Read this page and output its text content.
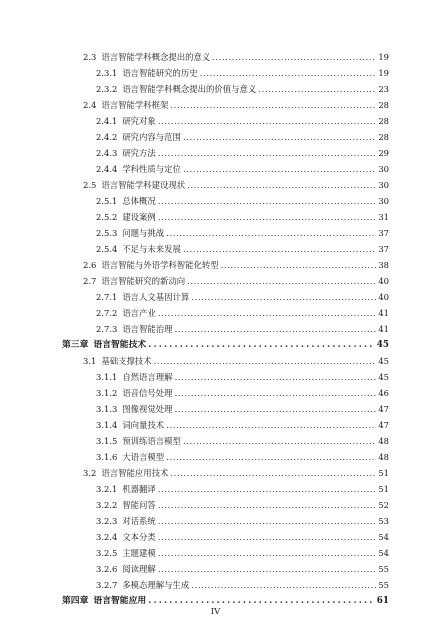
2.3 语言智能学科概念提出的意义 .....	19
2.3.1 语言智能研究的历史 .....	19
2.3.2 语言智能学科概念提出的价值与意义 .....	23
2.4 语言智能学科框架 .....	28
2.4.1 研究对象 .....	28
2.4.2 研究内容与范围 .....	28
2.4.3 研究方法 .....	29
2.4.4 学科性质与定位 .....	30
2.5 语言智能学科建设现状 .....	30
2.5.1 总体概况 .....	30
2.5.2 建设案例 .....	31
2.5.3 问题与挑战 .....	37
2.5.4 不足与未来发展 .....	37
2.6 语言智能与外语学科智能化转型 .....	38
2.7 语言智能研究的新动向 .....	40
2.7.1 语言人文基因计算 .....	40
2.7.2 语言产业 .....	41
2.7.3 语言智能治理 .....	41
第三章 语言智能技术 .....	45
3.1 基础支撑技术 .....	45
3.1.1 自然语言理解 .....	45
3.1.2 语音信号处理 .....	46
3.1.3 图像视觉处理 .....	47
3.1.4 词向量技术 .....	47
3.1.5 预训练语言模型 .....	48
3.1.6 大语言模型 .....	48
3.2 语言智能应用技术 .....	51
3.2.1 机器翻译 .....	51
3.2.2 智能问答 .....	52
3.2.3 对话系统 .....	53
3.2.4 文本分类 .....	54
3.2.5 主题建模 .....	54
3.2.6 阅读理解 .....	55
3.2.7 多模态理解与生成 .....	55
第四章 语言智能应用 .....	61
IV
